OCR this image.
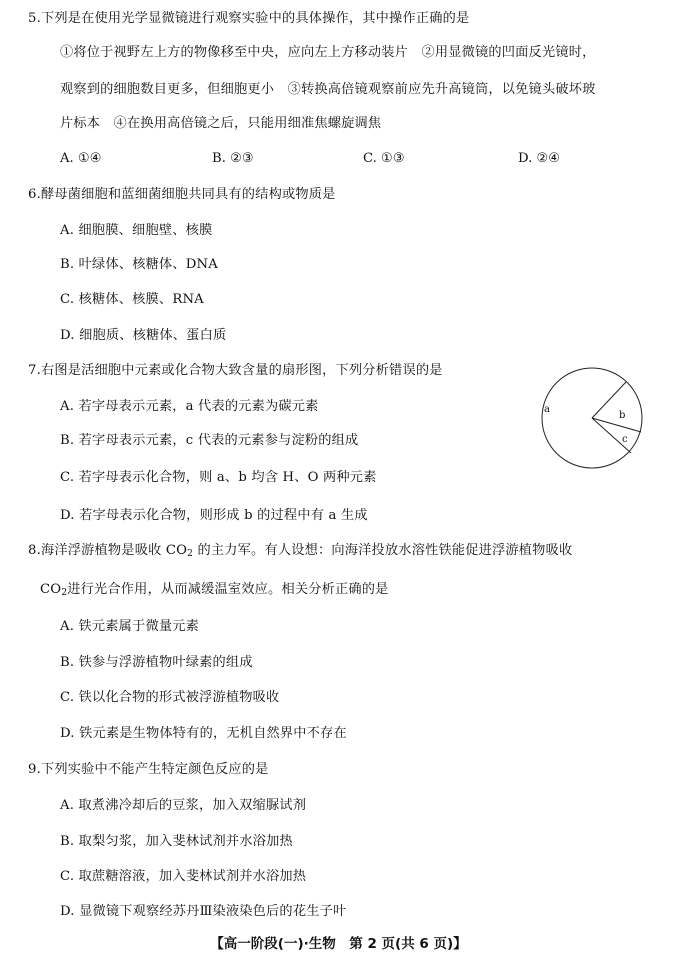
5.下列是在使用光学显微镜进行观察实验中的具体操作，其中操作正确的是
①将位于视野左上方的物像移至中央，应向左上方移动装片　②用显微镜的凹面反光镜时，
观察到的细胞数目更多，但细胞更小　③转换高倍镜观察前应先升高镜筒，以免镜头破坏玻
片标本　④在换用高倍镜之后，只能用细准焦螺旋调焦
A. ①④	B. ②③	C. ①③	D. ②④
6.酵母菌细胞和蓝细菌细胞共同具有的结构或物质是
A. 细胞膜、细胞壁、核膜
B. 叶绿体、核糖体、DNA
C. 核糖体、核膜、RNA
D. 细胞质、核糖体、蛋白质
7.右图是活细胞中元素或化合物大致含量的扇形图，下列分析错误的是
A. 若字母表示元素，a 代表的元素为碳元素
B. 若字母表示元素，c 代表的元素参与淀粉的组成
C. 若字母表示化合物，则 a、b 均含 H、O 两种元素
D. 若字母表示化合物，则形成 b 的过程中有 a 生成
a
b
c
8.海洋浮游植物是吸收 $CO_2$ 的主力军。有人设想：向海洋投放水溶性铁能促进浮游植物吸收
$CO_2$进行光合作用，从而减缓温室效应。相关分析正确的是
A. 铁元素属于微量元素
B. 铁参与浮游植物叶绿素的组成
C. 铁以化合物的形式被浮游植物吸收
D. 铁元素是生物体特有的，无机自然界中不存在
9.下列实验中不能产生特定颜色反应的是
A. 取煮沸冷却后的豆浆，加入双缩脲试剂
B. 取梨匀浆，加入斐林试剂并水浴加热
C. 取蔗糖溶液，加入斐林试剂并水浴加热
D. 显微镜下观察经苏丹Ⅲ染液染色后的花生子叶
【高一阶段(一)·生物　第 2 页(共 6 页)】
